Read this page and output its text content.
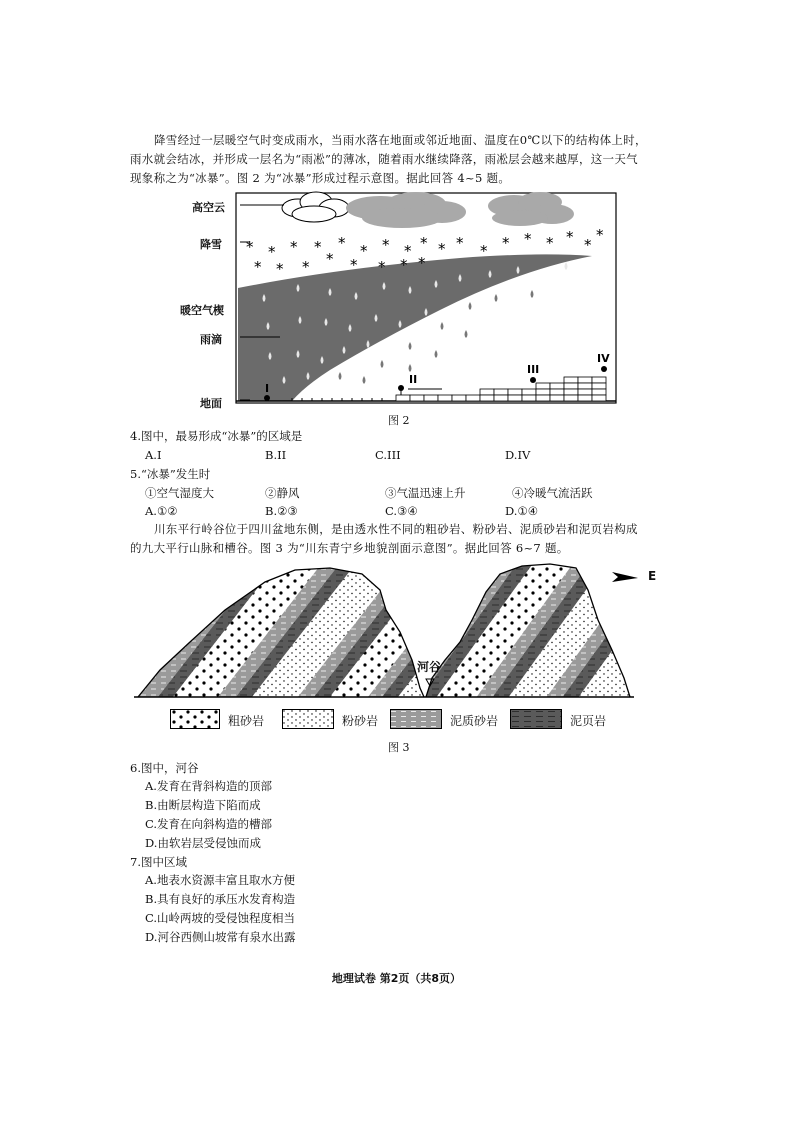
降雪经过一层暖空气时变成雨水，当雨水落在地面或邻近地面、温度在0℃以下的结构体上时，
雨水就会结冰，并形成一层名为“雨凇”的薄冰，随着雨水继续降落，雨凇层会越来越厚，这一天气
现象称之为“冰暴”。图 2 为“冰暴”形成过程示意图。据此回答 4~5 题。
* * *
* * *
* *
* * *
*
* *
*
* * * * * * * *
*
*
*
I
II
III
IV
高空云
降雪
暖空气楔
雨滴
地面
图 2
4.图中，最易形成“冰暴”的区域是
A.I	B.II	C.III	D.IV
5.“冰暴”发生时
①空气湿度大	②静风	③气温迅速上升	④冷暖气流活跃
A.①②	B.②③	C.③④	D.①④
川东平行岭谷位于四川盆地东侧，是由透水性不同的粗砂岩、粉砂岩、泥质砂岩和泥页岩构成
的九大平行山脉和槽谷。图 3 为“川东青宁乡地貌剖面示意图”。据此回答 6~7 题。
河谷
E
粗砂岩	粉砂岩	泥质砂岩	泥页岩
图 3
6.图中，河谷
A.发育在背斜构造的顶部
B.由断层构造下陷而成
C.发育在向斜构造的槽部
D.由软岩层受侵蚀而成
7.图中区域
A.地表水资源丰富且取水方便
B.具有良好的承压水发育构造
C.山岭两坡的受侵蚀程度相当
D.河谷西侧山坡常有泉水出露
地理试卷 第2页（共8页）
